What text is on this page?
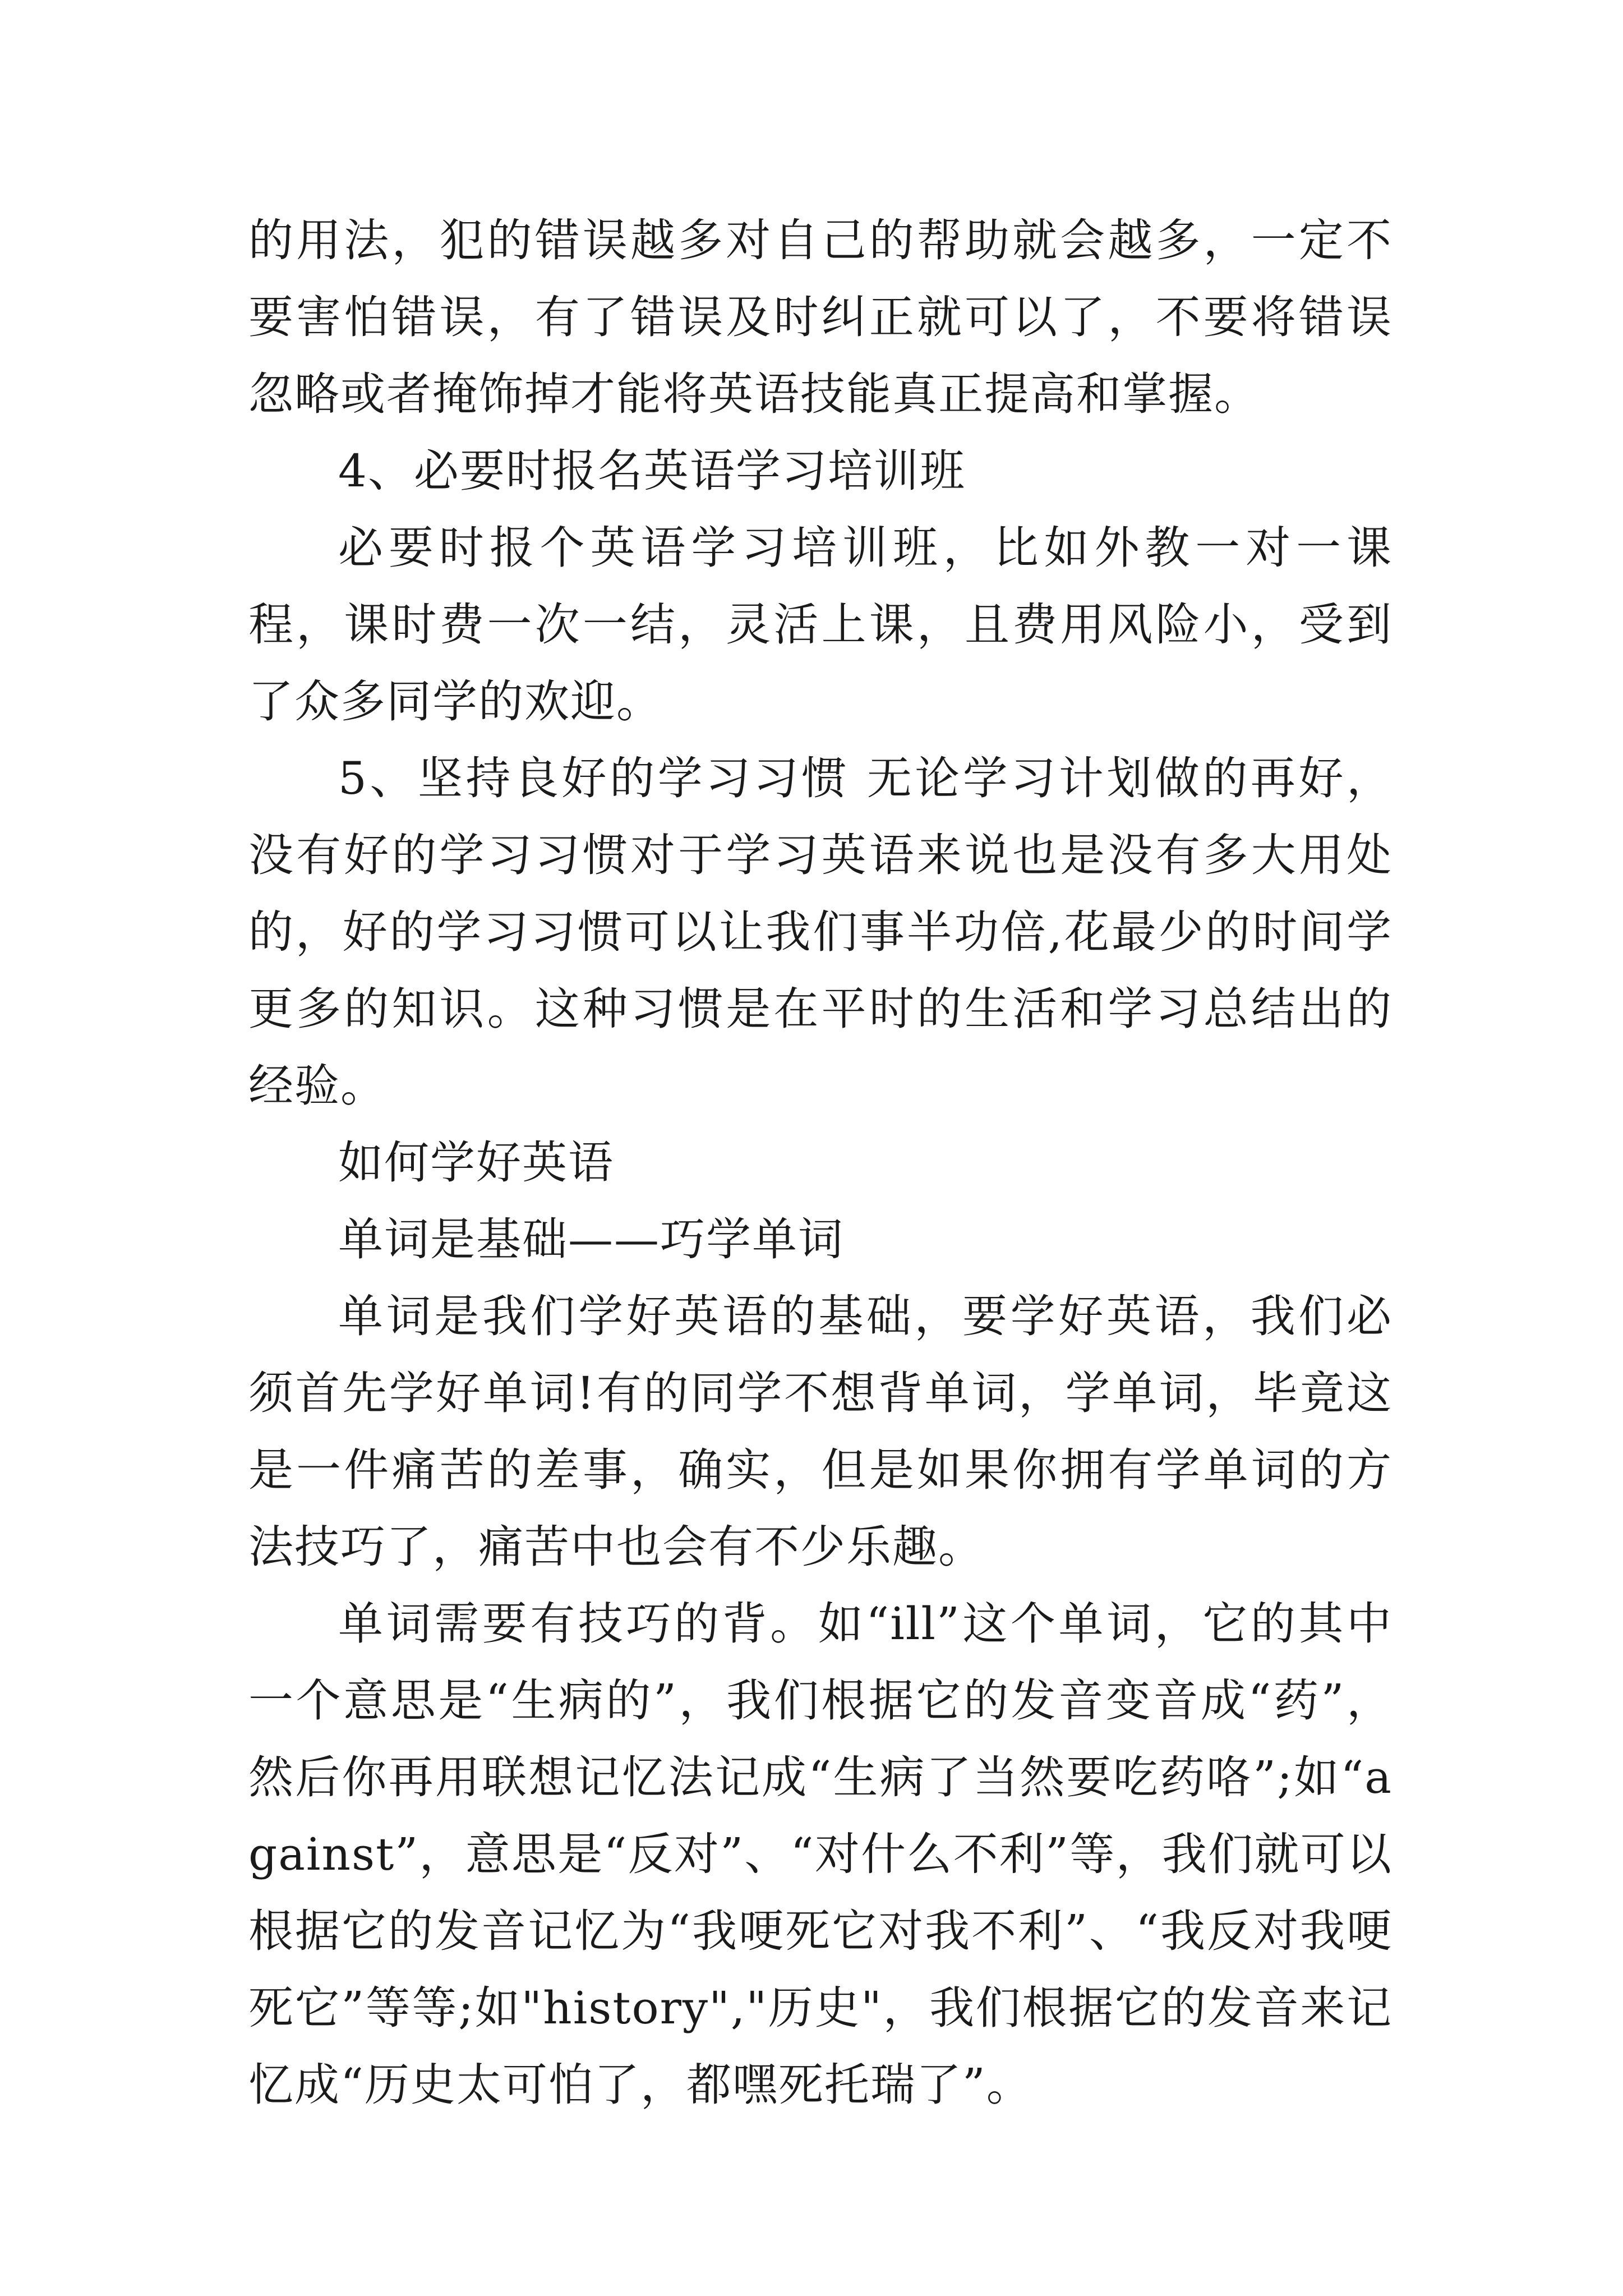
的用法，犯的错误越多对自己的帮助就会越多，一定不要害怕错误，有了错误及时纠正就可以了，不要将错误忽略或者掩饰掉才能将英语技能真正提高和掌握。

4、必要时报名英语学习培训班

必要时报个英语学习培训班，比如外教一对一课程，课时费一次一结，灵活上课，且费用风险小，受到了众多同学的欢迎。

5、坚持良好的学习习惯 无论学习计划做的再好，没有好的学习习惯对于学习英语来说也是没有多大用处的，好的学习习惯可以让我们事半功倍,花最少的时间学更多的知识。这种习惯是在平时的生活和学习总结出的经验。

如何学好英语

单词是基础——巧学单词

单词是我们学好英语的基础，要学好英语，我们必须首先学好单词!有的同学不想背单词，学单词，毕竟这是一件痛苦的差事，确实，但是如果你拥有学单词的方法技巧了，痛苦中也会有不少乐趣。

单词需要有技巧的背。如“ill”这个单词，它的其中一个意思是“生病的”，我们根据它的发音变音成“药”，然后你再用联想记忆法记成“生病了当然要吃药咯”;如“against”，意思是“反对”、“对什么不利”等，我们就可以根据它的发音记忆为“我哽死它对我不利”、“我反对我哽死它”等等;如"history","历史"，我们根据它的发音来记忆成“历史太可怕了，都嘿死托瑞了”。
